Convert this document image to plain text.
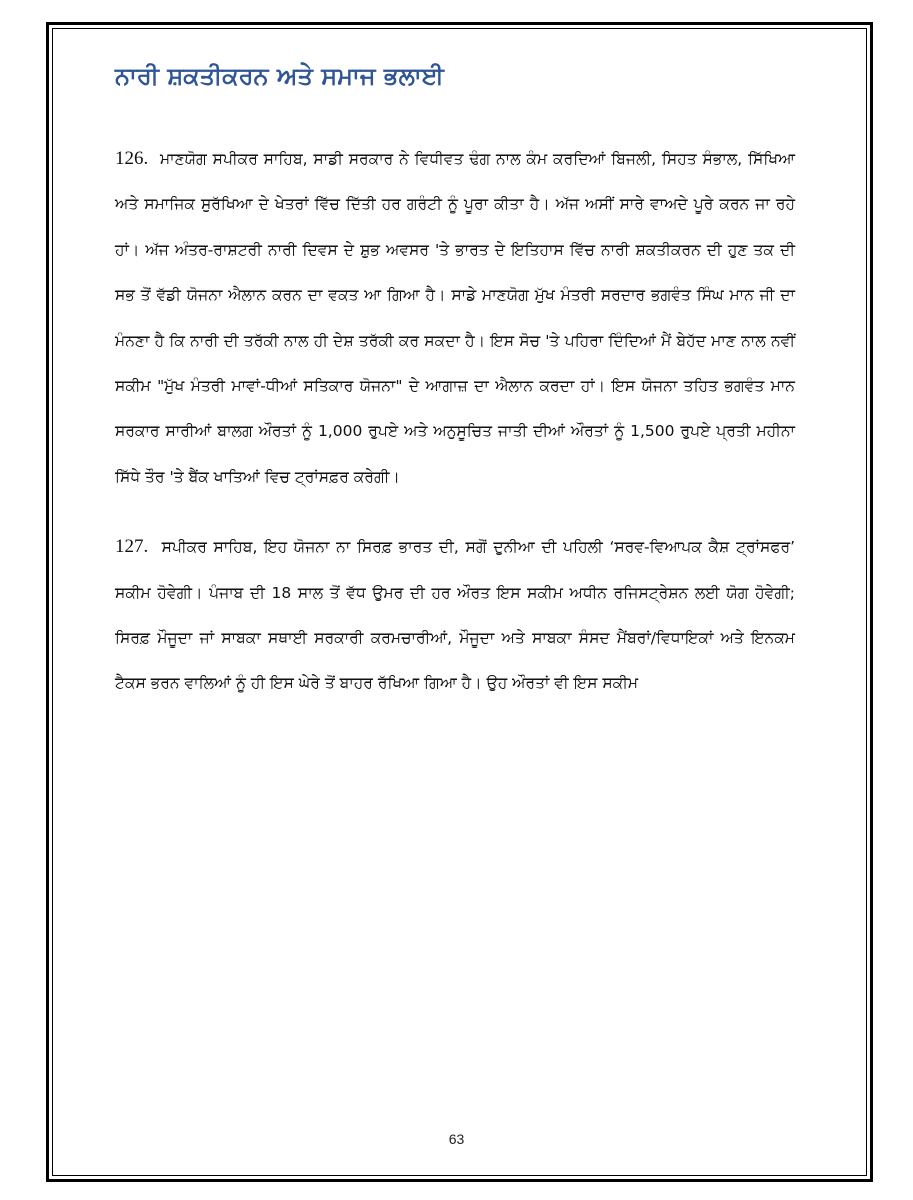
ਨਾਰੀ ਸ਼ਕਤੀਕਰਨ ਅਤੇ ਸਮਾਜ ਭਲਾਈ

126. ਮਾਣਯੋਗ ਸਪੀਕਰ ਸਾਹਿਬ, ਸਾਡੀ ਸਰਕਾਰ ਨੇ ਵਿਧੀਵਤ ਢੰਗ ਨਾਲ ਕੰਮ ਕਰਦਿਆਂ ਬਿਜਲੀ, ਸਿਹਤ ਸੰਭਾਲ, ਸਿੱਖਿਆ ਅਤੇ ਸਮਾਜਿਕ ਸੁਰੱਖਿਆ ਦੇ ਖੇਤਰਾਂ ਵਿੱਚ ਦਿੱਤੀ ਹਰ ਗਰੰਟੀ ਨੂੰ ਪੂਰਾ ਕੀਤਾ ਹੈ। ਅੱਜ ਅਸੀਂ ਸਾਰੇ ਵਾਅਦੇ ਪੂਰੇ ਕਰਨ ਜਾ ਰਹੇ ਹਾਂ। ਅੱਜ ਅੰਤਰ-ਰਾਸ਼ਟਰੀ ਨਾਰੀ ਦਿਵਸ ਦੇ ਸ਼ੁਭ ਅਵਸਰ 'ਤੇ ਭਾਰਤ ਦੇ ਇਤਿਹਾਸ ਵਿੱਚ ਨਾਰੀ ਸ਼ਕਤੀਕਰਨ ਦੀ ਹੁਣ ਤਕ ਦੀ ਸਭ ਤੋਂ ਵੱਡੀ ਯੋਜਨਾ ਐਲਾਨ ਕਰਨ ਦਾ ਵਕਤ ਆ ਗਿਆ ਹੈ। ਸਾਡੇ ਮਾਣਯੋਗ ਮੁੱਖ ਮੰਤਰੀ ਸਰਦਾਰ ਭਗਵੰਤ ਸਿੰਘ ਮਾਨ ਜੀ ਦਾ ਮੰਨਣਾ ਹੈ ਕਿ ਨਾਰੀ ਦੀ ਤਰੱਕੀ ਨਾਲ ਹੀ ਦੇਸ਼ ਤਰੱਕੀ ਕਰ ਸਕਦਾ ਹੈ। ਇਸ ਸੋਚ 'ਤੇ ਪਹਿਰਾ ਦਿੰਦਿਆਂ ਮੈਂ ਬੇਹੱਦ ਮਾਣ ਨਾਲ ਨਵੀਂ ਸਕੀਮ "ਮੁੱਖ ਮੰਤਰੀ ਮਾਵਾਂ-ਧੀਆਂ ਸਤਿਕਾਰ ਯੋਜਨਾ" ਦੇ ਆਗਾਜ਼ ਦਾ ਐਲਾਨ ਕਰਦਾ ਹਾਂ। ਇਸ ਯੋਜਨਾ ਤਹਿਤ ਭਗਵੰਤ ਮਾਨ ਸਰਕਾਰ ਸਾਰੀਆਂ ਬਾਲਗ ਔਰਤਾਂ ਨੂੰ 1,000 ਰੁਪਏ ਅਤੇ ਅਨੁਸੂਚਿਤ ਜਾਤੀ ਦੀਆਂ ਔਰਤਾਂ ਨੂੰ 1,500 ਰੁਪਏ ਪ੍ਰਤੀ ਮਹੀਨਾ ਸਿੱਧੇ ਤੌਰ 'ਤੇ ਬੈਂਕ ਖਾਤਿਆਂ ਵਿਚ ਟ੍ਰਾਂਸਫ਼ਰ ਕਰੇਗੀ।

127. ਸਪੀਕਰ ਸਾਹਿਬ, ਇਹ ਯੋਜਨਾ ਨਾ ਸਿਰਫ਼ ਭਾਰਤ ਦੀ, ਸਗੋਂ ਦੁਨੀਆ ਦੀ ਪਹਿਲੀ ‘ਸਰਵ-ਵਿਆਪਕ ਕੈਸ਼ ਟ੍ਰਾਂਸਫਰ’ ਸਕੀਮ ਹੋਵੇਗੀ। ਪੰਜਾਬ ਦੀ 18 ਸਾਲ ਤੋਂ ਵੱਧ ਉਮਰ ਦੀ ਹਰ ਔਰਤ ਇਸ ਸਕੀਮ ਅਧੀਨ ਰਜਿਸਟ੍ਰੇਸ਼ਨ ਲਈ ਯੋਗ ਹੋਵੇਗੀ; ਸਿਰਫ਼ ਮੌਜੂਦਾ ਜਾਂ ਸਾਬਕਾ ਸਥਾਈ ਸਰਕਾਰੀ ਕਰਮਚਾਰੀਆਂ, ਮੌਜੂਦਾ ਅਤੇ ਸਾਬਕਾ ਸੰਸਦ ਮੈਂਬਰਾਂ/ਵਿਧਾਇਕਾਂ ਅਤੇ ਇਨਕਮ ਟੈਕਸ ਭਰਨ ਵਾਲਿਆਂ ਨੂੰ ਹੀ ਇਸ ਘੇਰੇ ਤੋਂ ਬਾਹਰ ਰੱਖਿਆ ਗਿਆ ਹੈ। ਉਹ ਔਰਤਾਂ ਵੀ ਇਸ ਸਕੀਮ

63
